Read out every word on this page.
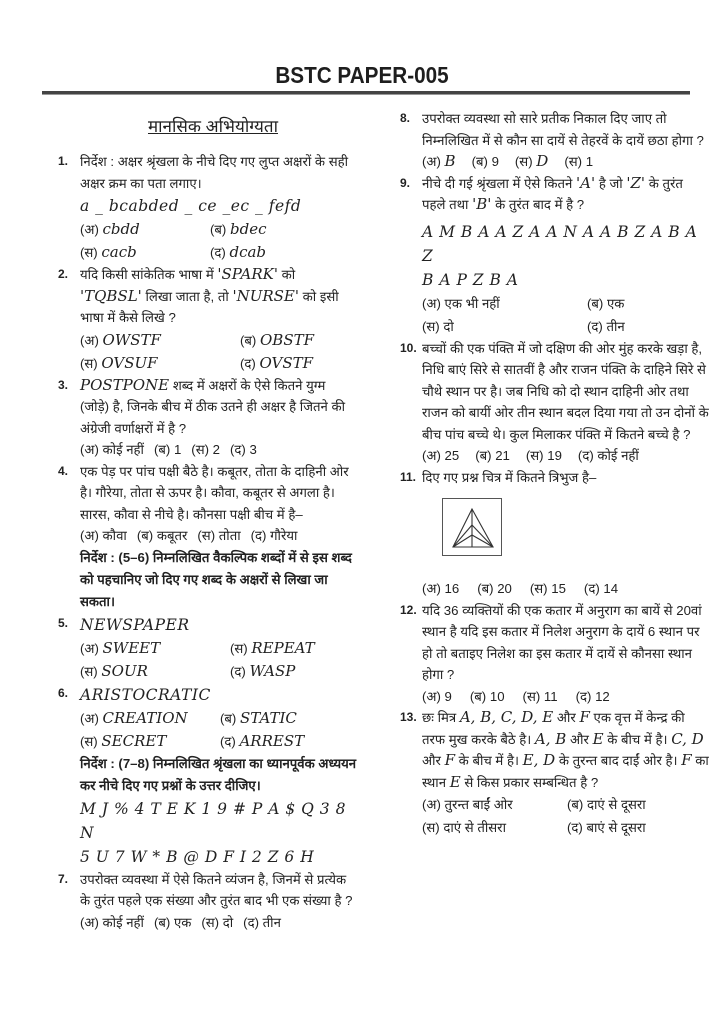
BSTC PAPER-005
मानसिक अभियोग्यता
1. निर्देश : अक्षर श्रृंखला के नीचे दिए गए लुप्त अक्षरों के सही अक्षर क्रम का पता लगाए।
a _ bcabded _ ce _ec _ fefd
(अ) cbdd	(ब) bdec
(स) cacb	(द) dcab
2. यदि किसी सांकेतिक भाषा में 'SPARK' को 'TQBSL' लिखा जाता है, तो 'NURSE' को इसी भाषा में कैसे लिखे ?
(अ) OWSTF	(ब) OBSTF
(स) OVSUF	(द) OVSTF
3. POSTPONE शब्द में अक्षरों के ऐसे कितने युग्म (जोड़े) है, जिनके बीच में ठीक उतने ही अक्षर है जितने की अंग्रेजी वर्णाक्षरों में है ?
(अ) कोई नहीं (ब) 1 (स) 2 (द) 3
4. एक पेड़ पर पांच पक्षी बैठे है। कबूतर, तोता के दाहिनी ओर है। गौरेया, तोता से ऊपर है। कौवा, कबूतर से अगला है। सारस, कौवा से नीचे है। कौनसा पक्षी बीच में है–
(अ) कौवा (ब) कबूतर (स) तोता (द) गौरेया
निर्देश : (5–6) निम्नलिखित वैकल्पिक शब्दों में से इस शब्द को पहचानिए जो दिए गए शब्द के अक्षरों से लिखा जा सकता।
5. NEWSPAPER
(अ) SWEET	(स) REPEAT
(स) SOUR	(द) WASP
6. ARISTOCRATIC
(अ) CREATION	(ब) STATIC
(स) SECRET	(द) ARREST
निर्देश : (7–8) निम्नलिखित श्रृंखला का ध्यानपूर्वक अध्ययन कर नीचे दिए गए प्रश्नों के उत्तर दीजिए।
M J % 4 T E K 1 9 # P A $ Q 3 8 N
5 U 7 W * B @ D F I 2 Z 6 H
7. उपरोक्त व्यवस्था में ऐसे कितने व्यंजन है, जिनमें से प्रत्येक के तुरंत पहले एक संख्या और तुरंत बाद भी एक संख्या है ?
(अ) कोई नहीं (ब) एक (स) दो (द) तीन
8. उपरोक्त व्यवस्था सो सारे प्रतीक निकाल दिए जाए तो निम्नलिखित में से कौन सा दायें से तेहरवें के दायें छठा होगा ?
(अ) B (ब) 9 (स) D (स) 1
9. नीचे दी गई श्रृंखला में ऐसे कितने 'A' है जो 'Z' के तुरंत पहले तथा 'B' के तुरंत बाद में है ?
A M B A A Z A A N A A B Z A B A Z
B A P Z B A
(अ) एक भी नहीं	(ब) एक
(स) दो	(द) तीन
10. बच्चों की एक पंक्ति में जो दक्षिण की ओर मुंह करके खड़ा है, निधि बाएं सिरे से सातवीं है और राजन पंक्ति के दाहिने सिरे से चौथे स्थान पर है। जब निधि को दो स्थान दाहिनी ओर तथा राजन को बायीं ओर तीन स्थान बदल दिया गया तो उन दोनों के बीच पांच बच्चे थे। कुल मिलाकर पंक्ति में कितने बच्चे है ?
(अ) 25 (ब) 21 (स) 19 (द) कोई नहीं
11. दिए गए प्रश्न चित्र में कितने त्रिभुज है–
(अ) 16 (ब) 20 (स) 15 (द) 14
12. यदि 36 व्यक्तियों की एक कतार में अनुराग का बायें से 20वां स्थान है यदि इस कतार में निलेश अनुराग के दायें 6 स्थान पर हो तो बताइए निलेश का इस कतार में दायें से कौनसा स्थान होगा ?
(अ) 9 (ब) 10 (स) 11 (द) 12
13. छः मित्र A, B, C, D, E और F एक वृत्त में केन्द्र की तरफ मुख करके बैठे है। A, B और E के बीच में है। C, D और F के बीच में है। E, D के तुरन्त बाद दाईं ओर है। F का स्थान E से किस प्रकार सम्बन्धित है ?
(अ) तुरन्त बाईं ओर	(ब) दाएं से दूसरा
(स) दाएं से तीसरा	(द) बाएं से दूसरा
